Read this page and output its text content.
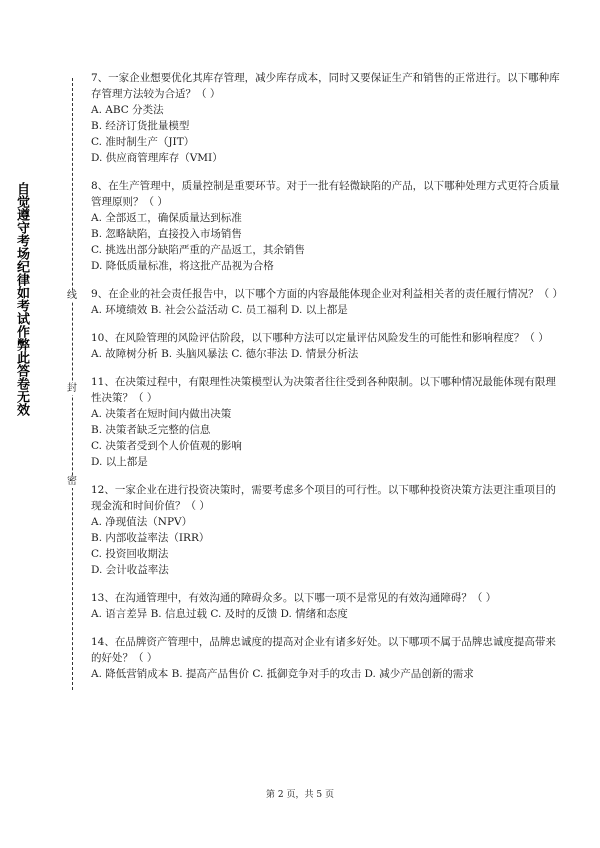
自觉遵守考场纪律如考试作弊此答卷无效	线
封
密

7、一家企业想要优化其库存管理，减少库存成本，同时又要保证生产和销售的正常进行。以下哪种库存管理方法较为合适？（ ）

A. ABC 分类法
B. 经济订货批量模型
C. 准时制生产（JIT）
D. 供应商管理库存（VMI）

8、在生产管理中，质量控制是重要环节。对于一批有轻微缺陷的产品，以下哪种处理方式更符合质量管理原则？（ ）

A. 全部返工，确保质量达到标准
B. 忽略缺陷，直接投入市场销售
C. 挑选出部分缺陷严重的产品返工，其余销售
D. 降低质量标准，将这批产品视为合格

9、在企业的社会责任报告中，以下哪个方面的内容最能体现企业对利益相关者的责任履行情况？（ ）

A. 环境绩效 B. 社会公益活动 C. 员工福利 D. 以上都是

10、在风险管理的风险评估阶段，以下哪种方法可以定量评估风险发生的可能性和影响程度？（ ）

A. 故障树分析 B. 头脑风暴法 C. 德尔菲法 D. 情景分析法

11、在决策过程中，有限理性决策模型认为决策者往往受到各种限制。以下哪种情况最能体现有限理性决策？（ ）

A. 决策者在短时间内做出决策
B. 决策者缺乏完整的信息
C. 决策者受到个人价值观的影响
D. 以上都是

12、一家企业在进行投资决策时，需要考虑多个项目的可行性。以下哪种投资决策方法更注重项目的现金流和时间价值？（ ）

A. 净现值法（NPV）
B. 内部收益率法（IRR）
C. 投资回收期法
D. 会计收益率法

13、在沟通管理中，有效沟通的障碍众多。以下哪一项不是常见的有效沟通障碍？（ ）

A. 语言差异 B. 信息过载 C. 及时的反馈 D. 情绪和态度

14、在品牌资产管理中，品牌忠诚度的提高对企业有诸多好处。以下哪项不属于品牌忠诚度提高带来的好处？（ ）

A. 降低营销成本 B. 提高产品售价 C. 抵御竞争对手的攻击 D. 减少产品创新的需求
第 2 页，共 5 页
